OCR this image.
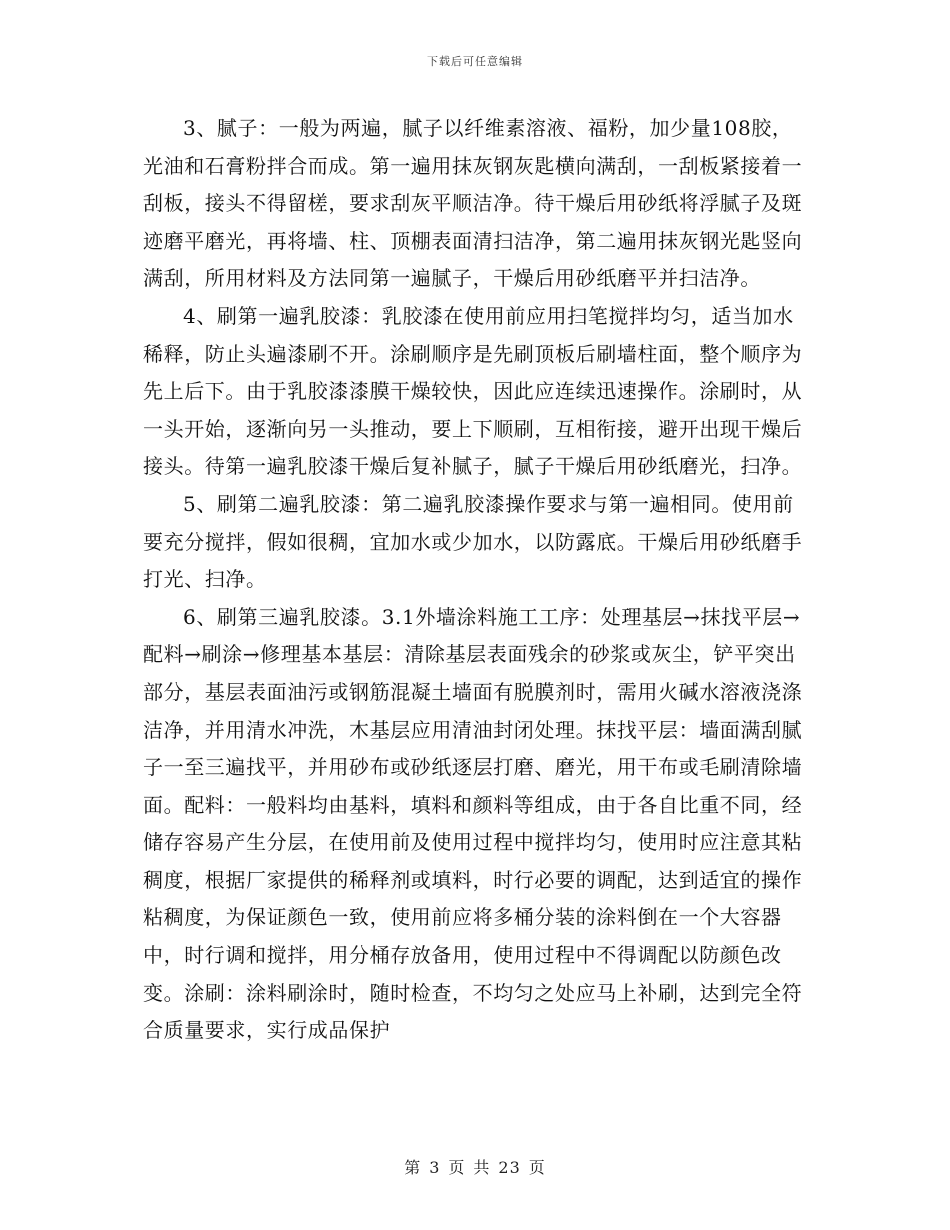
下载后可任意编辑

3、腻子：一般为两遍，腻子以纤维素溶液、福粉，加少量108胶，光油和石膏粉拌合而成。第一遍用抹灰钢灰匙横向满刮，一刮板紧接着一刮板，接头不得留槎，要求刮灰平顺洁净。待干燥后用砂纸将浮腻子及斑迹磨平磨光，再将墙、柱、顶棚表面清扫洁净，第二遍用抹灰钢光匙竖向满刮，所用材料及方法同第一遍腻子，干燥后用砂纸磨平并扫洁净。

4、刷第一遍乳胶漆：乳胶漆在使用前应用扫笔搅拌均匀，适当加水稀释，防止头遍漆刷不开。涂刷顺序是先刷顶板后刷墙柱面，整个顺序为先上后下。由于乳胶漆漆膜干燥较快，因此应连续迅速操作。涂刷时，从一头开始，逐渐向另一头推动，要上下顺刷，互相衔接，避开出现干燥后接头。待第一遍乳胶漆干燥后复补腻子，腻子干燥后用砂纸磨光，扫净。

5、刷第二遍乳胶漆：第二遍乳胶漆操作要求与第一遍相同。使用前要充分搅拌，假如很稠，宜加水或少加水，以防露底。干燥后用砂纸磨手打光、扫净。

6、刷第三遍乳胶漆。3.1外墙涂料施工工序：处理基层→抹找平层→配料→刷涂→修理基本基层：清除基层表面残余的砂浆或灰尘，铲平突出部分，基层表面油污或钢筋混凝土墙面有脱膜剂时，需用火碱水溶液浇涤洁净，并用清水冲洗，木基层应用清油封闭处理。抹找平层：墙面满刮腻子一至三遍找平，并用砂布或砂纸逐层打磨、磨光，用干布或毛刷清除墙面。配料：一般料均由基料，填料和颜料等组成，由于各自比重不同，经储存容易产生分层，在使用前及使用过程中搅拌均匀，使用时应注意其粘稠度，根据厂家提供的稀释剂或填料，时行必要的调配，达到适宜的操作粘稠度，为保证颜色一致，使用前应将多桶分装的涂料倒在一个大容器中，时行调和搅拌，用分桶存放备用，使用过程中不得调配以防颜色改变。涂刷：涂料刷涂时，随时检查，不均匀之处应马上补刷，达到完全符合质量要求，实行成品保护

第 3 页 共 23 页
